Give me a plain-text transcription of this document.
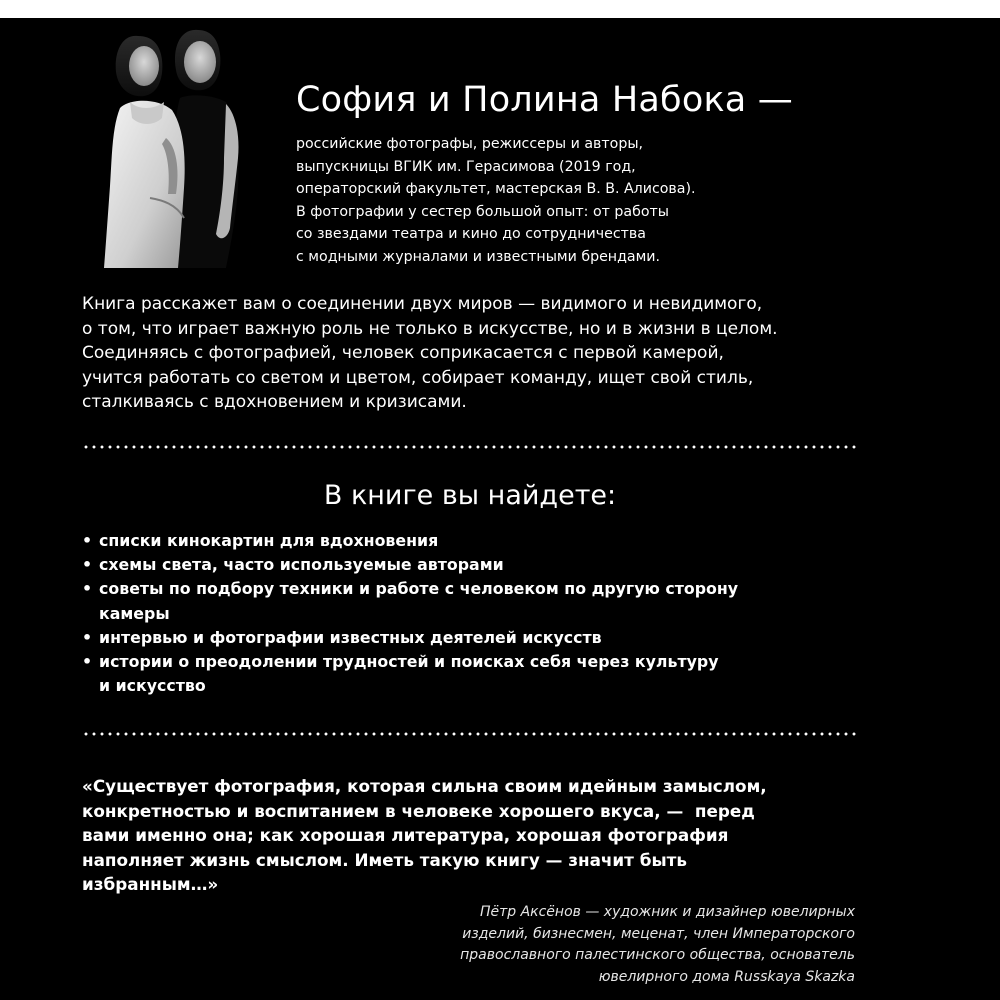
София и Полина Набока —
российские фотографы, режиссеры и авторы,
выпускницы ВГИК им. Герасимова (2019 год,
операторский факультет, мастерская В. В. Алисова).
В фотографии у сестер большой опыт: от работы
со звездами театра и кино до сотрудничества
с модными журналами и известными брендами.
Книга расскажет вам о соединении двух миров — видимого и невидимого,
о том, что играет важную роль не только в искусстве, но и в жизни в целом.
Соединяясь с фотографией, человек соприкасается с первой камерой,
учится работать со светом и цветом, собирает команду, ищет свой стиль,
сталкиваясь с вдохновением и кризисами.
В книге вы найдете:
• списки кинокартин для вдохновения
• схемы света, часто используемые авторами
• советы по подбору техники и работе с человеком по другую сторону
камеры
• интервью и фотографии известных деятелей искусств
• истории о преодолении трудностей и поисках себя через культуру
и искусство
«Существует фотография, которая сильна своим идейным замыслом,
конкретностью и воспитанием в человеке хорошего вкуса, —  перед
вами именно она; как хорошая литература, хорошая фотография
наполняет жизнь смыслом. Иметь такую книгу — значит быть
избранным…»
Пётр Аксёнов — художник и дизайнер ювелирных
изделий, бизнесмен, меценат, член Императорского
православного палестинского общества, основатель
ювелирного дома Russkaya Skazka
